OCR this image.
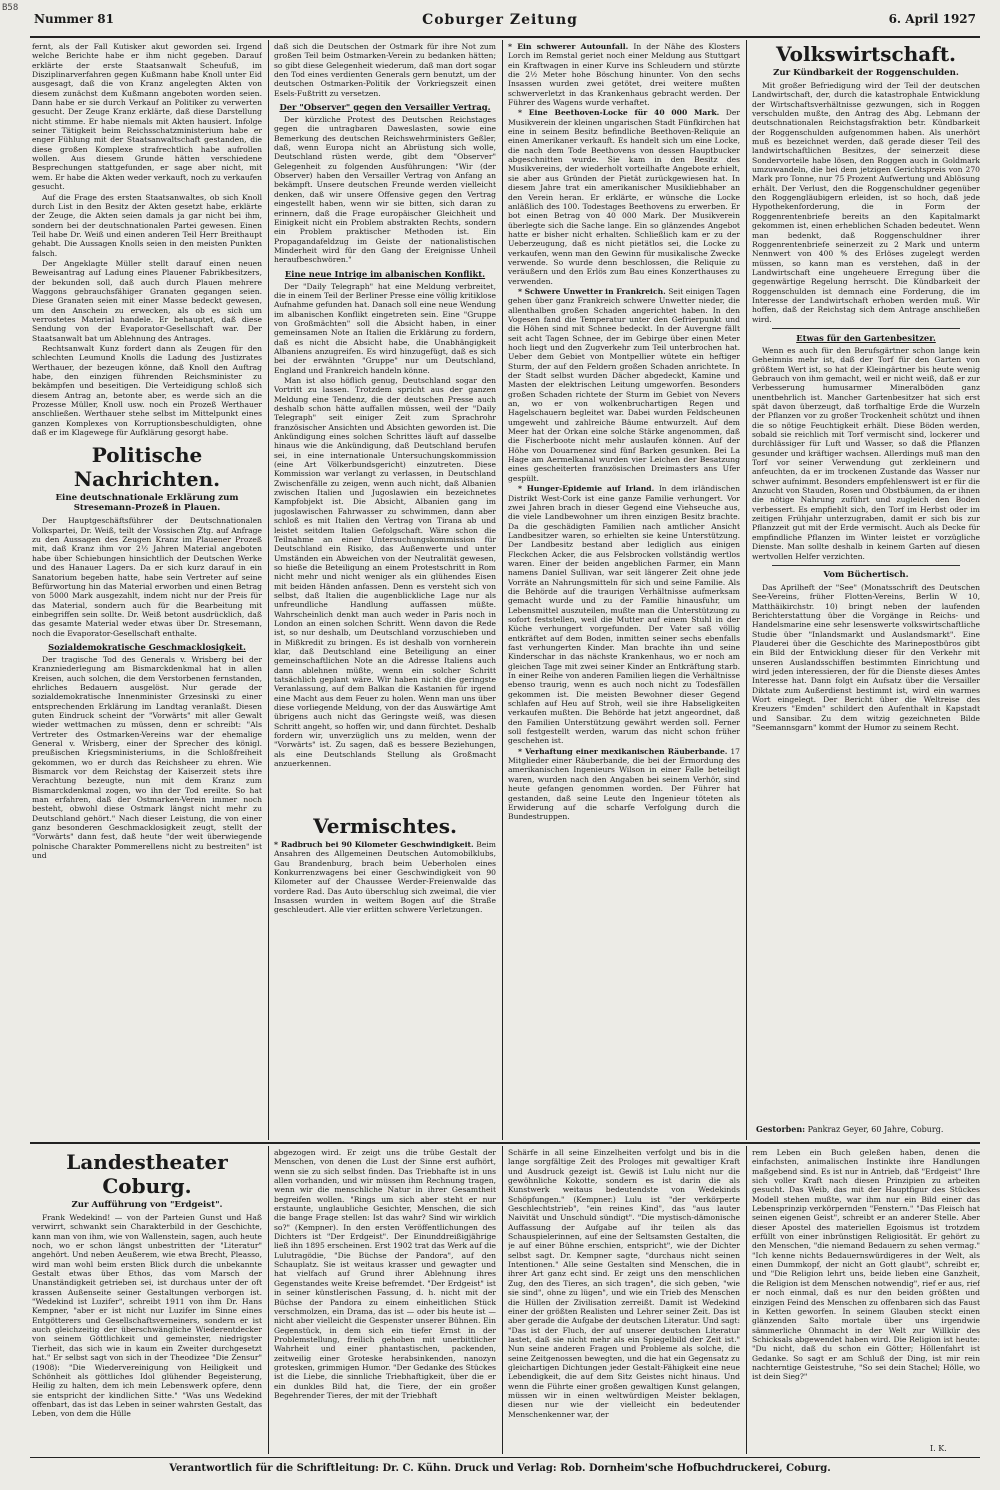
B58
Nummer 81	Coburger Zeitung	6. April 1927

fernt, als der Fall Kutisker akut geworden sei. Irgend welche Berichte habe er ihm nicht gegeben. Darauf erklärte der erste Staatsanwalt Scheufuß, im Disziplinarverfahren gegen Kußmann habe Knoll unter Eid ausgesagt, daß die von Kranz angelegten Akten von diesem zunächst dem Kußmann angeboten worden seien. Dann habe er sie durch Verkauf an Politiker zu verwerten gesucht. Der Zeuge Kranz erklärte, daß diese Darstellung nicht stimme. Er habe niemals mit Akten hausiert. Infolge seiner Tätigkeit beim Reichsschatzministerium habe er enger Fühlung mit der Staatsanwaltschaft gestanden, die diese großen Komplexe strafrechtlich habe aufrollen wollen. Aus diesem Grunde hätten verschiedene Besprechungen stattgefunden, er sage aber nicht, mit wem. Er habe die Akten weder verkauft, noch zu verkaufen gesucht.

Auf die Frage des ersten Staatsanwaltes, ob sich Knoll durch List in den Besitz der Akten gesetzt habe, erklärte der Zeuge, die Akten seien damals ja gar nicht bei ihm, sondern bei der deutschnationalen Partei gewesen. Einen Teil habe Dr. Weiß und einen anderen Teil Herr Breithaupt gehabt. Die Aussagen Knolls seien in den meisten Punkten falsch.

Der Angeklagte Müller stellt darauf einen neuen Beweisantrag auf Ladung eines Plauener Fabrikbesitzers, der bekunden soll, daß auch durch Plauen mehrere Waggons gebrauchsfähiger Granaten gegangen seien. Diese Granaten seien mit einer Masse bedeckt gewesen, um den Anschein zu erwecken, als ob es sich um verrostetes Material handele. Er behauptet, daß diese Sendung von der Evaporator-Gesellschaft war. Der Staatsanwalt bat um Ablehnung des Antrages.

Rechtsanwalt Kunz fordert dann als Zeugen für den schlechten Leumund Knolls die Ladung des Justizrates Werthauer, der bezeugen könne, daß Knoll den Auftrag habe, den einzigen führenden Reichsminister zu bekämpfen und beseitigen. Die Verteidigung schloß sich diesem Antrag an, betonte aber, es werde sich an die Prozesse Müller, Knoll usw. noch ein Prozeß Werthauer anschließen. Werthauer stehe selbst im Mittelpunkt eines ganzen Komplexes von Korruptionsbeschuldigten, ohne daß er im Klagewege für Aufklärung gesorgt habe.

Politische Nachrichten.
Eine deutschnationale Erklärung zum Stresemann-Prozeß in Plauen.

Der Hauptgeschäftsführer der Deutschnationalen Volkspartei, Dr. Weiß, teilt der Vossischen Ztg. auf Anfrage zu den Aussagen des Zeugen Kranz im Plauener Prozeß mit, daß Kranz ihm vor 2½ Jahren Material angeboten habe über Schiebungen hinsichtlich der Deutschen Werke und des Hanauer Lagers. Da er sich kurz darauf in ein Sanatorium begeben hatte, habe sein Vertreter auf seine Befürwortung hin das Material erworben und einen Betrag von 5000 Mark ausgezahlt, indem nicht nur der Preis für das Material, sondern auch für die Bearbeitung mit einbegriffen sein sollte. Dr. Weiß betont ausdrücklich, daß das gesamte Material weder etwas über Dr. Stresemann, noch die Evaporator-Gesellschaft enthalte.

Sozialdemokratische Geschmacklosigkeit.

Der tragische Tod des Generals v. Wrisberg bei der Kranzniederlegung am Bismarckdenkmal hat in allen Kreisen, auch solchen, die dem Verstorbenen fernstanden, ehrliches Bedauern ausgelöst. Nur gerade der sozialdemokratische Innenminister Grzesinski zu einer entsprechenden Erklärung im Landtag veranlaßt. Diesen guten Eindruck scheint der "Vorwärts" mit aller Gewalt wieder wettmachen zu müssen, denn er schreibt: "Als Vertreter des Ostmarken-Vereins war der ehemalige General v. Wrisberg, einer der Sprecher des königl. preußischen Kriegsministeriums, in die Schloßfreiheit gekommen, wo er durch das Reichsheer zu ehren. Wie Bismarck vor dem Reichstag der Kaiserzeit stets ihre Verachtung bezeugte, nun mit dem Kranz zum Bismarckdenkmal zogen, wo ihn der Tod ereilte. So hat man erfahren, daß der Ostmarken-Verein immer noch besteht, obwohl diese Ostmark längst nicht mehr zu Deutschland gehört." Nach dieser Leistung, die von einer ganz besonderen Geschmacklosigkeit zeugt, stellt der "Vorwärts" dann fest, daß heute "der weit überwiegende polnische Charakter Pommerellens nicht zu bestreiten" ist und

daß sich die Deutschen der Ostmark für ihre Not zum großen Teil beim Ostmarken-Verein zu bedanken hätten; so gibt diese Gelegenheit wiederum, daß man dort sogar den Tod eines verdienten Generals gern benutzt, um der deutschen Ostmarken-Politik der Vorkriegszeit einen Esels-Fußtritt zu versetzen.

Der "Observer" gegen den Versailler Vertrag.

Der kürzliche Protest des Deutschen Reichstages gegen die untragbaren Daweslasten, sowie eine Bemerkung des deutschen Reichswehrministers Geßler, daß, wenn Europa nicht an Abrüstung sich wolle, Deutschland rüsten werde, gibt dem "Observer" Gelegenheit zu folgenden Ausführungen: "Wir (der Observer) haben den Versailler Vertrag von Anfang an bekämpft. Unsere deutschen Freunde werden vielleicht denken, daß wir unsere Offensive gegen den Vertrag eingestellt haben, wenn wir sie bitten, sich daran zu erinnern, daß die Frage europäischer Gleichheit und Einigkeit nicht ein Problem abstrakten Rechts, sondern ein Problem praktischer Methoden ist. Ein Propagandafeldzug im Geiste der nationalistischen Minderheit wird für den Gang der Ereignisse Unheil heraufbeschwören."

Eine neue Intrige im albanischen Konflikt.

Der "Daily Telegraph" hat eine Meldung verbreitet, die in einem Teil der Berliner Presse eine völlig kritiklose Aufnahme gefunden hat. Danach soll eine neue Wendung im albanischen Konflikt eingetreten sein. Eine "Gruppe von Großmächten" soll die Absicht haben, in einer gemeinsamen Note an Italien die Erklärung zu fordern, daß es nicht die Absicht habe, die Unabhängigkeit Albaniens anzugreifen. Es wird hinzugefügt, daß es sich bei der erwähnten "Gruppe" nur um Deutschland, England und Frankreich handeln könne.

Man ist also höflich genug, Deutschland sogar den Vortritt zu lassen. Trotzdem spricht aus der ganzen Meldung eine Tendenz, die der deutschen Presse auch deshalb schon hätte auffallen müssen, weil der "Daily Telegraph" seit einiger Zeit zum Sprachrohr französischer Ansichten und Absichten geworden ist. Die Ankündigung eines solchen Schrittes läuft auf dasselbe hinaus wie die Ankündigung, daß Deutschland berufen sei, in eine internationale Untersuchungskommission (eine Art Völkerbundsgericht) einzutreten. Diese Kommission war verlangt zu verlassen, in Deutschland Zwischenfälle zu zeigen, wenn auch nicht, daß Albanien zwischen Italien und Jugoslawien ein bezeichnetes Kampfobjekt ist. Die Absicht, Albanien gang im jugoslawischen Fahrwasser zu schwimmen, dann aber schloß es mit Italien den Vertrag von Tirana ab und leistet seitdem Italien Gefolgschaft. Wäre schon die Teilnahme an einer Untersuchungskommission für Deutschland ein Risiko, das Außenwerte und unter Umständen ein Abweichen von der Neutralität gewesen, so hieße die Beteiligung an einem Protestschritt in Rom nicht mehr und nicht weniger als ein glühendes Eisen mit beiden Händen anfassen. Denn es versteht sich von selbst, daß Italien die augenblickliche Lage nur als unfreundliche Handlung auffassen müßte. Wahrscheinlich denkt man auch weder in Paris noch in London an einen solchen Schritt. Wenn davon die Rede ist, so nur deshalb, um Deutschland vorzuschieben und in Mißkredit zu bringen. Es ist deshalb von vornherein klar, daß Deutschland eine Beteiligung an einer gemeinschaftlichen Note an die Adresse Italiens auch dann ablehnen müßte, wenn ein solcher Schritt tatsächlich geplant wäre. Wir haben nicht die geringste Veranlassung, auf dem Balkan die Kastanien für irgend eine Macht aus dem Feuer zu holen. Wenn man uns über diese vorliegende Meldung, von der das Auswärtige Amt übrigens auch nicht das Geringste weiß, was diesen Schritt angeht, so hoffen wir, und dann fürchtet. Deshalb fordern wir, unverzüglich uns zu melden, wenn der "Vorwärts" ist. Zu sagen, daß es bessere Beziehungen, als eine Deutschlands Stellung als Großmacht anzuerkennen.

Vermischtes.

* Radbruch bei 90 Kilometer Geschwindigkeit. Beim Ansahren des Allgemeinen Deutschen Automobilklubs, Gau Brandenburg, brach beim Ueberholen eines Konkurrenzwagens bei einer Geschwindigkeit von 90 Kilometer auf der Chaussee Werder-Freienwalde das vordere Rad. Das Auto überschlug sich zweimal, die vier Insassen wurden in weitem Bogen auf die Straße geschleudert. Alle vier erlitten schwere Verletzungen.

* Ein schwerer Autounfall. In der Nähe des Klosters Lorch im Remstal geriet noch einer Meldung aus Stuttgart ein Kraftwagen in einer Kurve ins Schleudern und stürzte die 2½ Meter hohe Böschung hinunter. Von den sechs Insassen wurden zwei getötet, drei weitere mußten schwerverletzt in das Krankenhaus gebracht werden. Der Führer des Wagens wurde verhaftet.

* Eine Beethoven-Locke für 40 000 Mark. Der Musikverein der kleinen ungarischen Stadt Fünfkirchen hat eine in seinem Besitz befindliche Beethoven-Reliquie an einen Amerikaner verkauft. Es handelt sich um eine Locke, die nach dem Tode Beethovens von dessen Hauptbucker abgeschnitten wurde. Sie kam in den Besitz des Musikvereins, der wiederholt vorteilhafte Angebote erhielt, sie aber aus Gründen der Pietät zurückgewiesen hat. In diesem Jahre trat ein amerikanischer Musikliebhaber an den Verein heran. Er erklärte, er wünsche die Locke anläßlich des 100. Todestages Beethovens zu erwerben. Er bot einen Betrag von 40 000 Mark. Der Musikverein überlegte sich die Sache lange. Ein so glänzendes Angebot hatte er bisher nicht erhalten. Schließlich kam er zu der Ueberzeugung, daß es nicht pietätlos sei, die Locke zu verkaufen, wenn man den Gewinn für musikalische Zwecke verwende. So wurde denn beschlossen, die Reliquie zu veräußern und den Erlös zum Bau eines Konzerthauses zu verwenden.

* Schwere Unwetter in Frankreich. Seit einigen Tagen gehen über ganz Frankreich schwere Unwetter nieder, die allenthalben großen Schaden angerichtet haben. In den Vogesen fand die Temperatur unter den Gefrierpunkt und die Höhen sind mit Schnee bedeckt. In der Auvergne fällt seit acht Tagen Schnee, der im Gebirge über einen Meter hoch liegt und den Zugverkehr zum Teil unterbrochen hat. Ueber dem Gebiet von Montpellier wütete ein heftiger Sturm, der auf den Feldern großen Schaden anrichtete. In der Stadt selbst wurden Dächer abgedeckt, Kamine und Masten der elektrischen Leitung umgeworfen. Besonders großen Schaden richtete der Sturm im Gebiet von Nevers an, wo er von wolkenbruchartigen Regen und Hagelschauern begleitet war. Dabei wurden Feldscheunen umgeweht und zahlreiche Bäume entwurzelt. Auf dem Meer hat der Orkan eine solche Stärke angenommen, daß die Fischerboote nicht mehr auslaufen können. Auf der Höhe von Douarnenez sind fünf Barken gesunken. Bei La Hage am Aermelkanal wurden vier Leichen der Besatzung eines gescheiterten französischen Dreimasters ans Ufer gespült.

* Hunger-Epidemie auf Irland. In dem irländischen Distrikt West-Cork ist eine ganze Familie verhungert. Vor zwei Jahren brach in dieser Gegend eine Viehseuche aus, die viele Landbewohner um ihren einzigen Besitz brachte. Da die geschädigten Familien nach amtlicher Ansicht Landbesitzer waren, so erhielten sie keine Unterstützung. Der Landbesitz bestand aber lediglich aus einigen Fleckchen Acker, die aus Felsbrocken vollständig wertlos waren. Einer der beiden angeblichen Farmer, ein Mann namens Daniel Sullivan, war seit längerer Zeit ohne jede Vorräte an Nahrungsmitteln für sich und seine Familie. Als die Behörde auf die traurigen Verhältnisse aufmerksam gemacht wurde und zu der Familie hinausfuhr, um Lebensmittel auszuteilen, mußte man die Unterstützung zu sofort feststellen, weil die Mutter auf einem Stuhl in der Küche verhungert vorgefunden. Der Vater saß völlig entkräftet auf dem Boden, inmitten seiner sechs ebenfalls fast verhungerten Kinder. Man brachte ihn und seine Kinderschar in das nächste Krankenhaus, wo er noch am gleichen Tage mit zwei seiner Kinder an Entkräftung starb. In einer Reihe von anderen Familien liegen die Verhältnisse ebenso traurig, wenn es auch noch nicht zu Todesfällen gekommen ist. Die meisten Bewohner dieser Gegend schlafen auf Heu auf Stroh, weil sie ihre Habseligkeiten verkaufen mußten. Die Behörde hat jetzt angeordnet, daß den Familien Unterstützung gewährt werden soll. Ferner soll festgestellt werden, warum das nicht schon früher geschehen ist.

* Verhaftung einer mexikanischen Räuberbande. 17 Mitglieder einer Räuberbande, die bei der Ermordung des amerikanischen Ingenieurs Wilson in einer Falle beteiligt waren, wurden nach den Angaben bei seinem Verhör, sind heute gefangen genommen worden. Der Führer hat gestanden, daß seine Leute den Ingenieur töteten als Erwiderung auf die scharfe Verfolgung durch die Bundestruppen.

Volkswirtschaft.
Zur Kündbarkeit der Roggenschulden.

Mit großer Befriedigung wird der Teil der deutschen Landwirtschaft, der, durch die katastrophale Entwicklung der Wirtschaftsverhältnisse gezwungen, sich in Roggen verschulden mußte, den Antrag des Abg. Lebmann der deutschnationalen Reichstagsfraktion betr. Kündbarkeit der Roggenschulden aufgenommen haben. Als unerhört muß es bezeichnet werden, daß gerade dieser Teil des landwirtschaftlichen Besitzes, der seinerzeit diese Sondervorteile habe lösen, den Roggen auch in Goldmark umzuwandeln, die bei dem jetzigen Gerichtspreis von 270 Mark pro Tonne, nur 75 Prozent Aufwertung und Ablösung erhält. Der Verlust, den die Roggenschuldner gegenüber den Roggengläubigern erleiden, ist so hoch, daß jede Hypothekenforderung, die in Form der Roggenrentenbriefe bereits an den Kapitalmarkt gekommen ist, einen erheblichen Schaden bedeutet. Wenn man bedenkt, daß Roggenschuldner ihrer Roggenrentenbriefe seinerzeit zu 2 Mark und unterm Nennwert von 400 % des Erlöses zugelegt werden müssen, so kann man es verstehen, daß in der Landwirtschaft eine ungeheuere Erregung über die gegenwärtige Regelung herrscht. Die Kündbarkeit der Roggenschulden ist demnach eine Forderung, die im Interesse der Landwirtschaft erhoben werden muß. Wir hoffen, daß der Reichstag sich dem Antrage anschließen wird.

Etwas für den Gartenbesitzer.

Wenn es auch für den Berufsgärtner schon lange kein Geheimnis mehr ist, daß der Torf für den Garten von größtem Wert ist, so hat der Kleingärtner bis heute wenig Gebrauch von ihm gemacht, weil er nicht weiß, daß er zur Verbesserung humusarmer Mineralböden ganz unentbehrlich ist. Mancher Gartenbesitzer hat sich erst spät davon überzeugt, daß torfhaltige Erde die Wurzeln der Pflanzen vor zu großer Trockenheit schützt und ihnen die so nötige Feuchtigkeit erhält. Diese Böden werden, sobald sie reichlich mit Torf vermischt sind, lockerer und durchlässiger für Luft und Wasser, so daß die Pflanzen gesunder und kräftiger wachsen. Allerdings muß man den Torf vor seiner Verwendung gut zerkleinern und anfeuchten, da er im trockenen Zustande das Wasser nur schwer aufnimmt. Besonders empfehlenswert ist er für die Anzucht von Stauden, Rosen und Obstbäumen, da er ihnen die nötige Nahrung zuführt und zugleich den Boden verbessert. Es empfiehlt sich, den Torf im Herbst oder im zeitigen Frühjahr unterzugraben, damit er sich bis zur Pflanzzeit gut mit der Erde vermischt. Auch als Decke für empfindliche Pflanzen im Winter leistet er vorzügliche Dienste. Man sollte deshalb in keinem Garten auf diesen wertvollen Helfer verzichten.

Vom Büchertisch.

Das Aprilheft der "See" (Monatsschrift des Deutschen See-Vereins, früher Flotten-Vereins, Berlin W 10, Matthäikirchstr. 10) bringt neben der laufenden Berichterstattung über die Vorgänge in Reichs- und Handelsmarine eine sehr lesenswerte volkswirtschaftliche Studie über "Inlandsmarkt und Auslandsmarkt". Eine Plauderei über die Geschichte des Marinepostbüros gibt ein Bild der Entwicklung dieser für den Verkehr mit unseren Auslandsschiffen bestimmten Einrichtung und wird jeden interessieren, der für die Dienste dieses Amtes Interesse hat. Dann folgt ein Aufsatz über die Versailler Diktate zum Außerdienst bestimmt ist, wird ein warmes Wort eingelegt. Der Bericht über die Weltreise des Kreuzers "Emden" schildert den Aufenthalt in Kapstadt und Sansibar. Zu dem witzig gezeichneten Bilde "Seemannsgarn" kommt der Humor zu seinem Recht.

Gestorben: Pankraz Geyer, 60 Jahre, Coburg.
Landestheater Coburg.
Zur Aufführung von "Erdgeist".

Frank Wedekind! — von der Parteien Gunst und Haß verwirrt, schwankt sein Charakterbild in der Geschichte, kann man von ihm, wie von Wallenstein, sagen, auch heute noch, wo er schon längst unbestritten der "Literatur" angehört. Und neben Aeußerem, wie etwa Brecht, Pleasso, wird man wohl beim ersten Blick durch die unbekannte Gestalt etwas über Ethos, das vom Marsch der Unanständigkeit getrieben sei, ist durchaus unter der oft krassen Außenseite seiner Gestaltungen verborgen ist. "Wedekind ist Luzifer", schreibt 1911 von ihm Dr. Hans Kempner, "aber er ist nicht nur Luzifer im Sinne eines Entgötterers und Gesellschaftsverneiners, sondern er ist auch gleichzeitig der überschwängliche Wiederentdecker von seinem Göttlichkeit und gemeinster, niedrigster Tierheit, das sich wie in kaum ein Zweiter durchgesetzt hat." Er selbst sagt von sich in der Theodizee "Die Zensur" (1908): "Die Wiedervereinigung von Heiligkeit und Schönheit als göttliches Idol glühender Begeisterung, Heilig zu halten, dem ich mein Lebenswerk opfere, denn sie entspricht der kindlichen Sitte." "Was uns Wedekind offenbart, das ist das Leben in seiner wahrsten Gestalt, das Leben, von dem die Hülle

abgezogen wird. Er zeigt uns die trübe Gestalt der Menschen, von denen die Lust der Sinne erst aufhört, wenn sie zu sich selbst finden. Das Triebhafte ist in uns allen vorhanden, und wir müssen ihm Rechnung tragen, wenn wir die menschliche Natur in ihrer Gesamtheit begreifen wollen. "Rings um sich aber steht er nur erstaunte, unglaubliche Gesichter, Menschen, die sich die bange Frage stellen: Ist das wahr? Sind wir wirklich so?" (Kempner). In den ersten Veröffentlichungen des Dichters ist "Der Erdgeist". Der Einunddreißigjährige ließ ihn 1895 erscheinen. Erst 1902 trat das Werk auf die Lulutragödie, "Die Büchse der Pandora", auf den Schauplatz. Sie ist weitaus krasser und gewagter und hat vielfach auf Grund ihrer Ablehnung ihres Gegenstandes weite Kreise befremdet. "Der Erdgeist" ist in seiner künstlerischen Fassung, d. h. nicht mit der Büchse der Pandora zu einem einheitlichen Stück verschmolzen, ein Drama, das ist — oder bis heute ist — nicht aber vielleicht die Gespenster unserer Bühnen. Ein Gegenstück, in dem sich ein tiefer Ernst in der Problemstellung, freilich gehoben mit unerbittlicher Wahrheit und einer phantastischen, packenden, zeitweilig einer Groteske herabsinkenden, nanozyn grotesken, grimmigen Humor. "Der Gedanke des Stückes ist die Liebe, die sinnliche Triebhaftigkeit, über die er ein dunkles Bild hat, die Tiere, der ein großer Begehrender Tieres, der mit der Triebhaft

Schärfe in all seine Einzelheiten verfolgt und bis in die lange sorgfältige Zeit des Prologes mit gewaltiger Kraft und Ausdruck gezeigt ist. Gewiß ist Lulu nicht nur die gewöhnliche Kokotte, sondern es ist darin die als Kunstwerk weitaus bedeutendste von Wedekinds Schöpfungen." (Kempner.) Lulu ist "der verkörperte Geschlechtstrieb", "ein reines Kind", das "aus lauter Naivität und Unschuld sündigt". "Die mystisch-dämonische Auffassung der Aufgabe auf ihr teilen als das Schauspielerinnen, auf eine der Seltsamsten Gestalten, die je auf einer Bühne erschien, entspricht", wie der Dichter selbst sagt. Dr. Kempner sagte, "durchaus nicht seinen Intentionen." Alle seine Gestalten sind Menschen, die in ihrer Art ganz echt sind. Er zeigt uns den menschlichen Zug, den des Tieres, an sich tragen", die sich geben, "wie sie sind", ohne zu lügen", und wie ein Trieb des Menschen die Hüllen der Zivilisation zerreißt. Damit ist Wedekind einer der größten Realisten und Lehrer seiner Zeit. Das ist aber gerade die Aufgabe der deutschen Literatur. Und sagt: "Das ist der Fluch, der auf unserer deutschen Literatur lastet, daß sie nicht mehr als ein Spiegelbild der Zeit ist." Nun seine anderen Fragen und Probleme als solche, die seine Zeitgenossen bewegten, und die hat ein Gegensatz zu gleichartigen Dichtungen jeder Gestalt-Fähigkeit eine neue Lebendigkeit, die auf dem Sitz Geistes nicht hinaus. Und wenn die Führte einer großen gewaltigen Kunst gelangen, müssen wir in einen weltwürdigen Meister beklagen, diesen nur wie der vielleicht ein bedeutender Menschenkenner war, der

rem Leben ein Buch geleßen haben, denen die einfachsten, animalischen Instinkte ihre Handlungen maßgebend sind. Es ist nur in Antrieb, daß "Erdgeist" Ihre sich voller Kraft nach diesen Prinzipien zu arbeiten gesucht. Das Weib, das mit der Hauptfigur des Stückes Modell stehen mußte, war ihm nur ein Bild einer das Lebensprinzip verkörpernden "Fenstern." "Das Fleisch hat seinen eigenen Geist", schreibt er an anderer Stelle. Aber dieser Apostel des materiellen Egoismus ist trotzdem erfüllt von einer inbrünstigen Religiosität. Er gehört zu den Menschen, "die niemand Bedauern zu sehen vermag." "Ich kenne nichts Bedauernswürdigeres in der Welt, als einen Dummkopf, der nicht an Gott glaubt", schreibt er, und "Die Religion lehrt uns, beide lieben eine Ganzheit, die Religion ist dem Menschen notwendig", rief er aus, rief er noch einmal, daß es nur den beiden größten und einzigen Feind des Menschen zu offenbaren sich das Faust in Ketten geworfen. In seinem Glauben steckt einen glänzenden Salto mortale über uns irgendwie sämmerliche Ohnmacht in der Welt zur Willkür des Schicksals abgewendet haben wird. Die Religion ist heute: "Du nicht, daß du schon ein Götter; Höllenfahrt ist Gedanke. So sagt er am Schluß der Ding, ist mir rein nachterntige Geistestruhe, "So sei dein Stachel; Hölle, wo ist dein Sieg?"

I. K.
Verantwortlich für die Schriftleitung: Dr. C. Kühn. Druck und Verlag: Rob. Dornheim'sche Hofbuchdruckerei, Coburg.
